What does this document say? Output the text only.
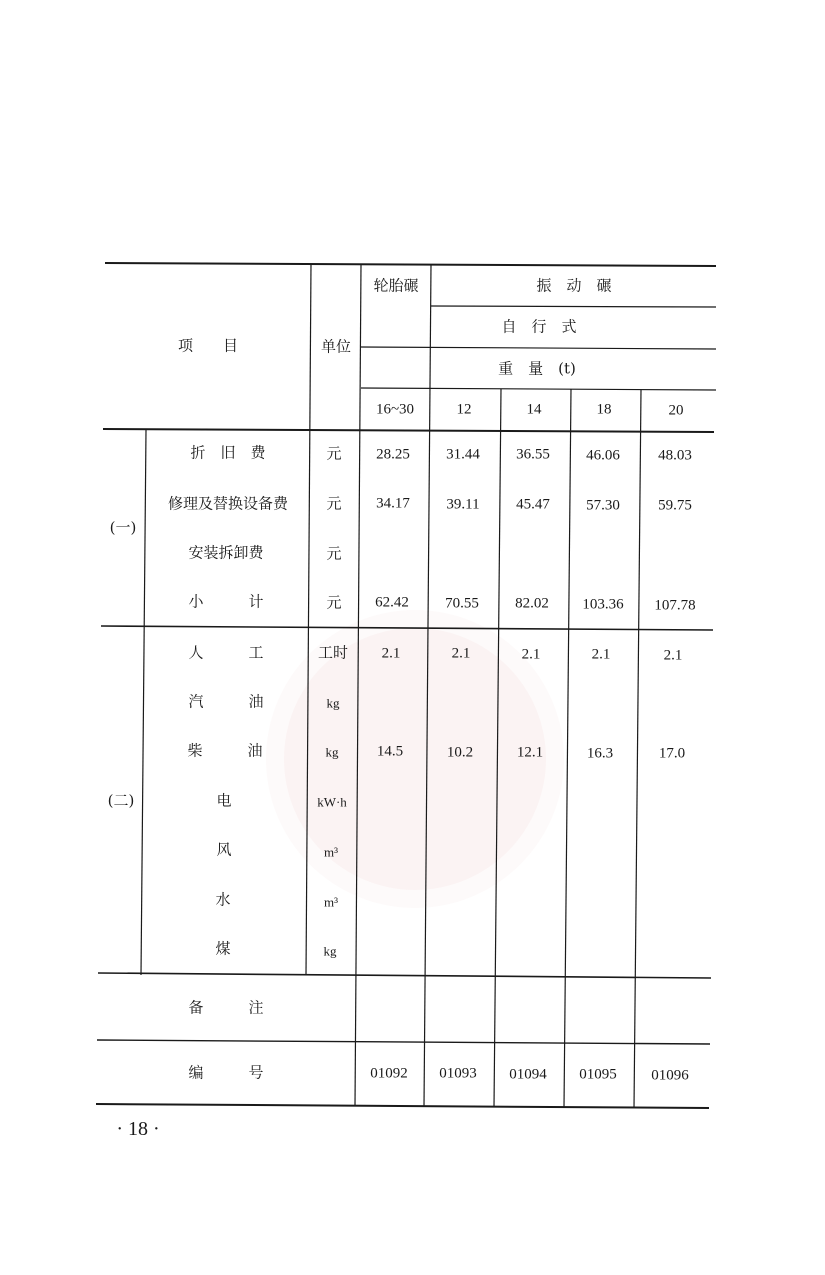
项　　目	单位
轮胎碾	振　动　碾
自　行　式
重　量　(t)
16~30	12	14	18	20
(一)
折　旧　费	元 28.25 31.44 36.55 46.06	48.03
修理及替换设备费	元 34.17 39.11 45.47 57.30	59.75
安装拆卸费	元
小　　　计	元 62.42 70.55 82.02 103.36 107.78
(二)
人　　　工	工时 2.1	2.1	2.1	2.1	2.1
汽　　　油	kg
柴　　　油	kg	14.5	10.2	12.1	16.3	17.0
电	kW·h
风	m³
水	m³
煤	kg
备　　　注
编　　　号	01092 01093 01094 01095 01096
· 18 ·
